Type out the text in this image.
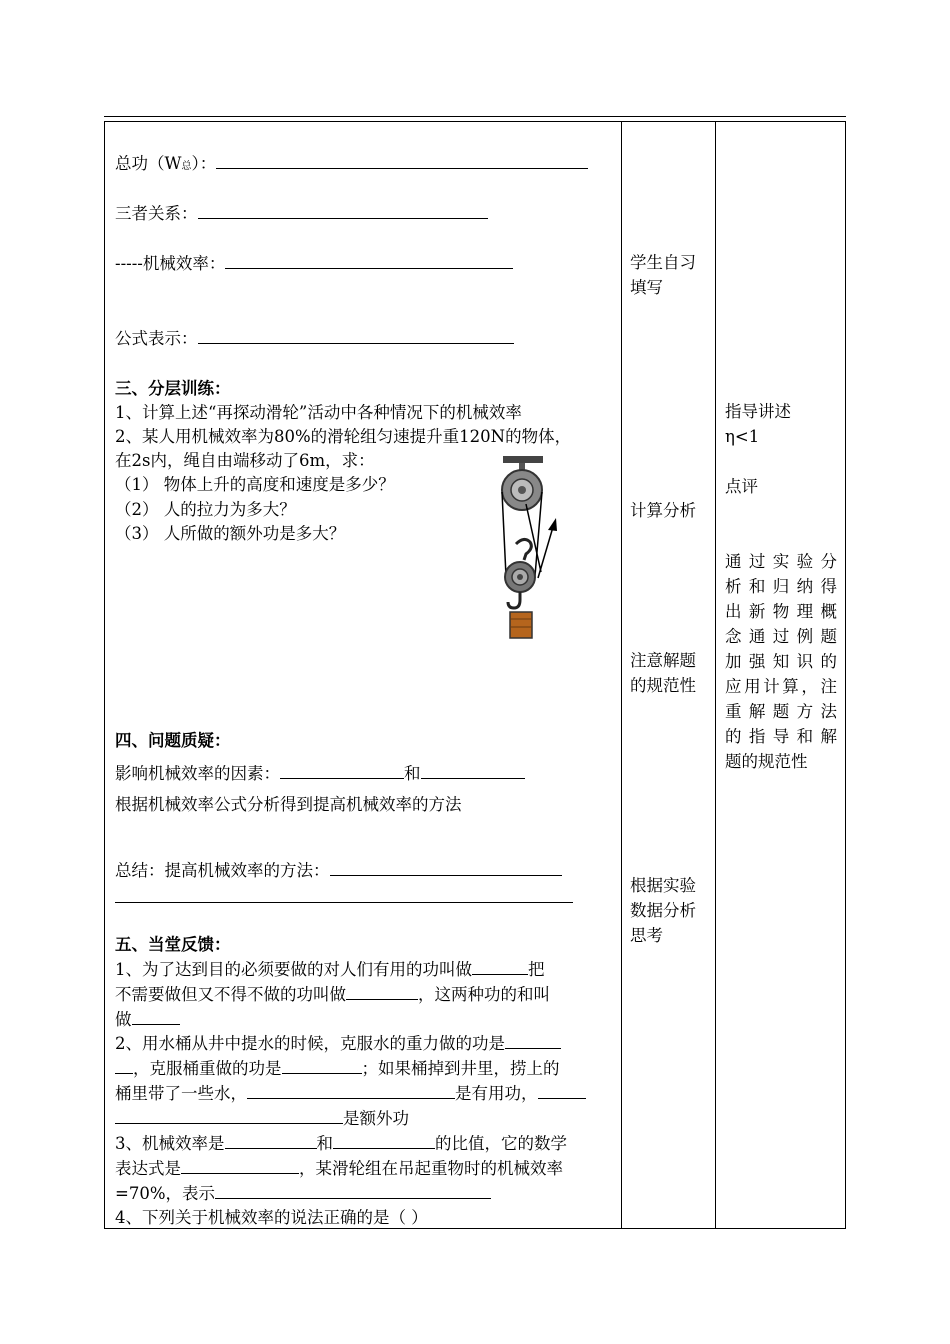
总功（W总）：
三者关系：
-----机械效率：
公式表示：
三、分层训练：
1、计算上述“再探动滑轮”活动中各种情况下的机械效率
2、某人用机械效率为80%的滑轮组匀速提升重120N的物体，
在2s内，绳自由端移动了6m，求：
（1） 物体上升的高度和速度是多少？
（2） 人的拉力为多大？
（3） 人所做的额外功是多大？
四、问题质疑：
影响机械效率的因素：	和
根据机械效率公式分析得到提高机械效率的方法
总结：提高机械效率的方法：
五、当堂反馈：
1、为了达到目的必须要做的对人们有用的功叫做	把
不需要做但又不得不做的功叫做	，这两种功的和叫
做
2、用水桶从井中提水的时候，克服水的重力做的功是
，克服桶重做的功是	；如果桶掉到井里，捞上的
桶里带了一些水，	是有用功，
是额外功
3、机械效率是	和	的比值，它的数学
表达式是	，某滑轮组在吊起重物时的机械效率
=70%，表示
4、下列关于机械效率的说法正确的是（ ）
学生自习
填写
计算分析
注意解题
的规范性
根据实验
数据分析
思考
指导讲述
η<1
点评
通过实验分
析和归纳得
出新物理概
念通过例题
加强知识的
应用计算，注
重解题方法
的指导和解
题的规范性
